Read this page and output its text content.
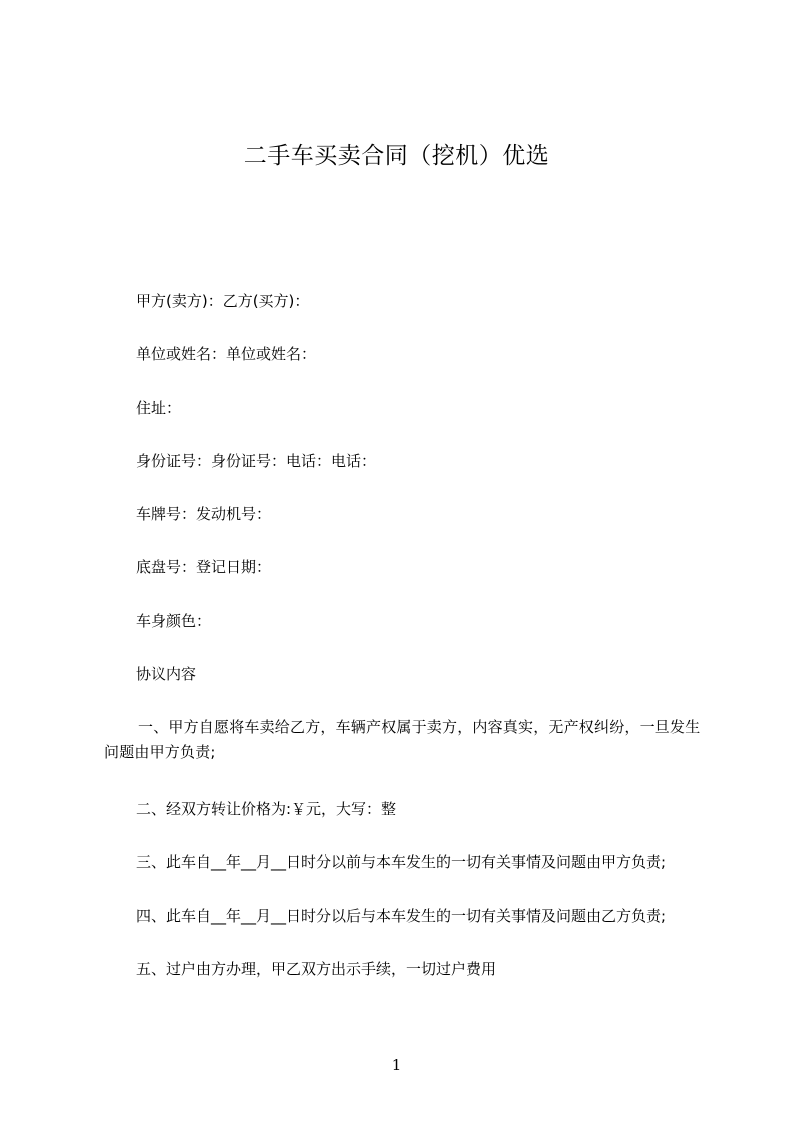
二手车买卖合同（挖机）优选
甲方(卖方)：乙方(买方)：
单位或姓名：单位或姓名：
住址：
身份证号：身份证号：电话：电话：
车牌号：发动机号：
底盘号：登记日期：
车身颜色：
协议内容
一、甲方自愿将车卖给乙方，车辆产权属于卖方，内容真实，无产权纠纷，一旦发生问题由甲方负责;
二、经双方转让价格为:￥元，大写：整
三、此车自__年__月__日时分以前与本车发生的一切有关事情及问题由甲方负责;
四、此车自__年__月__日时分以后与本车发生的一切有关事情及问题由乙方负责;
五、过户由方办理，甲乙双方出示手续，一切过户费用
1
